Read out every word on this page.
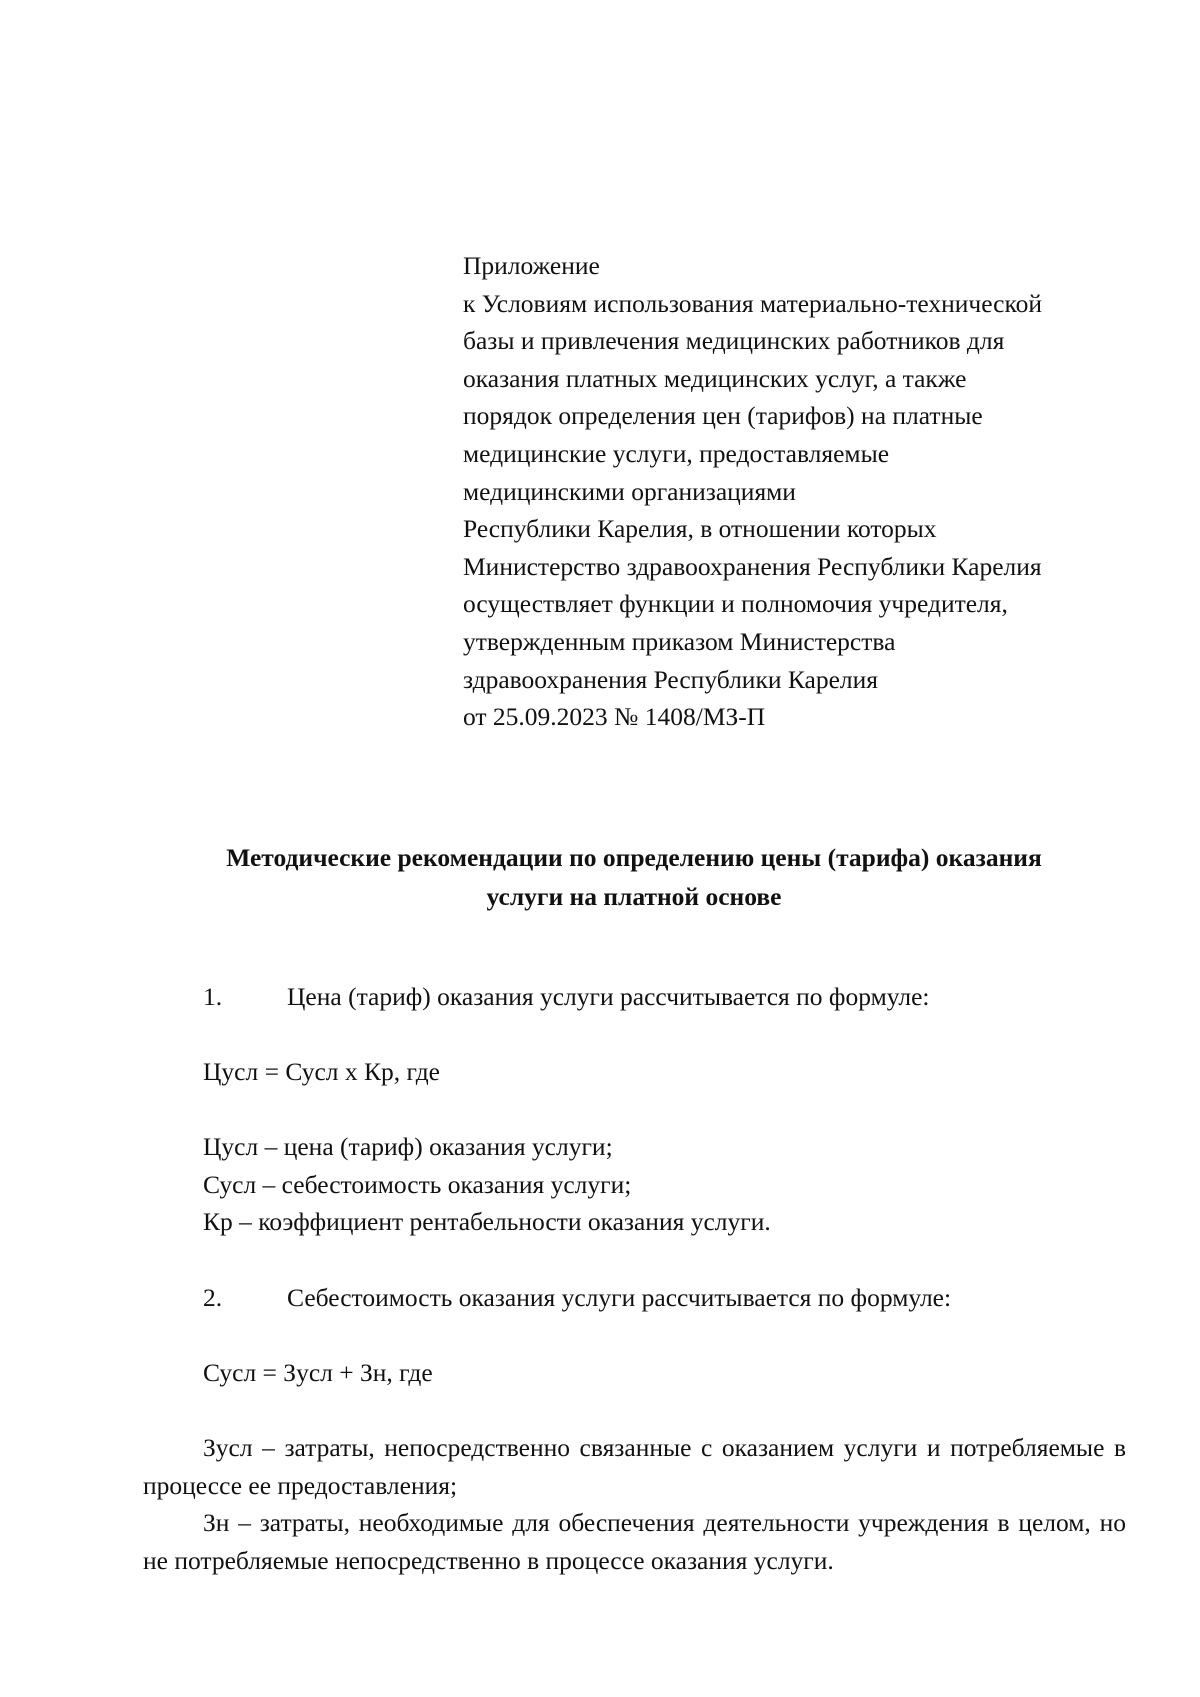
Приложение
к Условиям использования материально-технической
базы и привлечения медицинских работников для
оказания платных медицинских услуг, а также
порядок определения цен (тарифов) на платные
медицинские услуги, предоставляемые
медицинскими организациями
Республики Карелия, в отношении которых
Министерство здравоохранения Республики Карелия
осуществляет функции и полномочия учредителя,
утвержденным приказом Министерства
здравоохранения Республики Карелия
от 25.09.2023 № 1408/МЗ-П
Методические рекомендации по определению цены (тарифа) оказания
услуги на платной основе
1.	Цена (тариф) оказания услуги рассчитывается по формуле:
Цусл = Сусл х Кр, где
Цусл – цена (тариф) оказания услуги;
Сусл – себестоимость оказания услуги;
Кр – коэффициент рентабельности оказания услуги.
2.	Себестоимость оказания услуги рассчитывается по формуле:
Сусл = Зусл + Зн, где
Зусл – затраты, непосредственно связанные с оказанием услуги и потребляемые в процессе ее предоставления;
Зн – затраты, необходимые для обеспечения деятельности учреждения в целом, но не потребляемые непосредственно в процессе оказания услуги.
